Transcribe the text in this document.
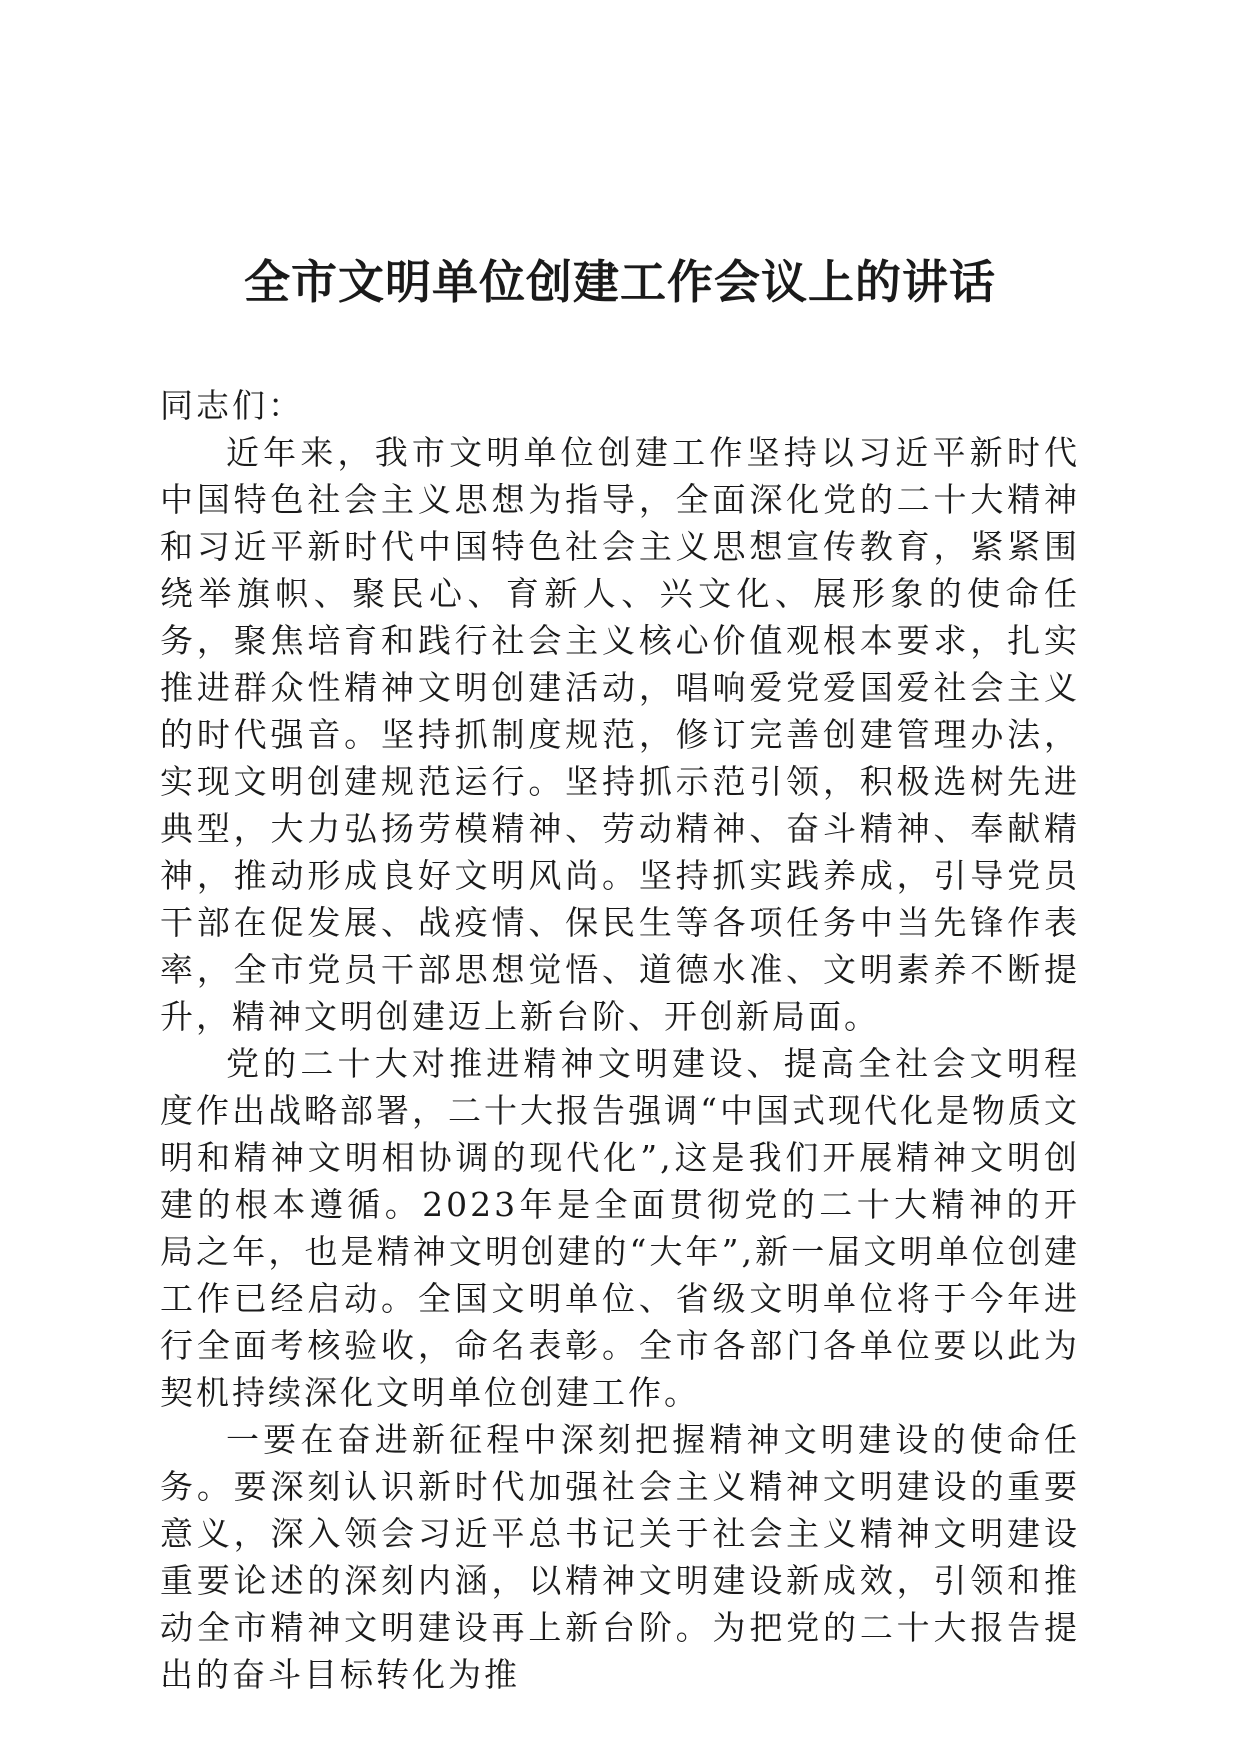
全市文明单位创建工作会议上的讲话

同志们：

近年来，我市文明单位创建工作坚持以习近平新时代中国特色社会主义思想为指导，全面深化党的二十大精神和习近平新时代中国特色社会主义思想宣传教育，紧紧围绕举旗帜、聚民心、育新人、兴文化、展形象的使命任务，聚焦培育和践行社会主义核心价值观根本要求，扎实推进群众性精神文明创建活动，唱响爱党爱国爱社会主义的时代强音。坚持抓制度规范，修订完善创建管理办法，实现文明创建规范运行。坚持抓示范引领，积极选树先进典型，大力弘扬劳模精神、劳动精神、奋斗精神、奉献精神，推动形成良好文明风尚。坚持抓实践养成，引导党员干部在促发展、战疫情、保民生等各项任务中当先锋作表率，全市党员干部思想觉悟、道德水准、文明素养不断提升，精神文明创建迈上新台阶、开创新局面。

党的二十大对推进精神文明建设、提高全社会文明程度作出战略部署，二十大报告强调“中国式现代化是物质文明和精神文明相协调的现代化”,这是我们开展精神文明创建的根本遵循。2023年是全面贯彻党的二十大精神的开局之年，也是精神文明创建的“大年”,新一届文明单位创建工作已经启动。全国文明单位、省级文明单位将于今年进行全面考核验收，命名表彰。全市各部门各单位要以此为契机持续深化文明单位创建工作。

一要在奋进新征程中深刻把握精神文明建设的使命任务。要深刻认识新时代加强社会主义精神文明建设的重要意义，深入领会习近平总书记关于社会主义精神文明建设重要论述的深刻内涵，以精神文明建设新成效，引领和推动全市精神文明建设再上新台阶。为把党的二十大报告提出的奋斗目标转化为推
